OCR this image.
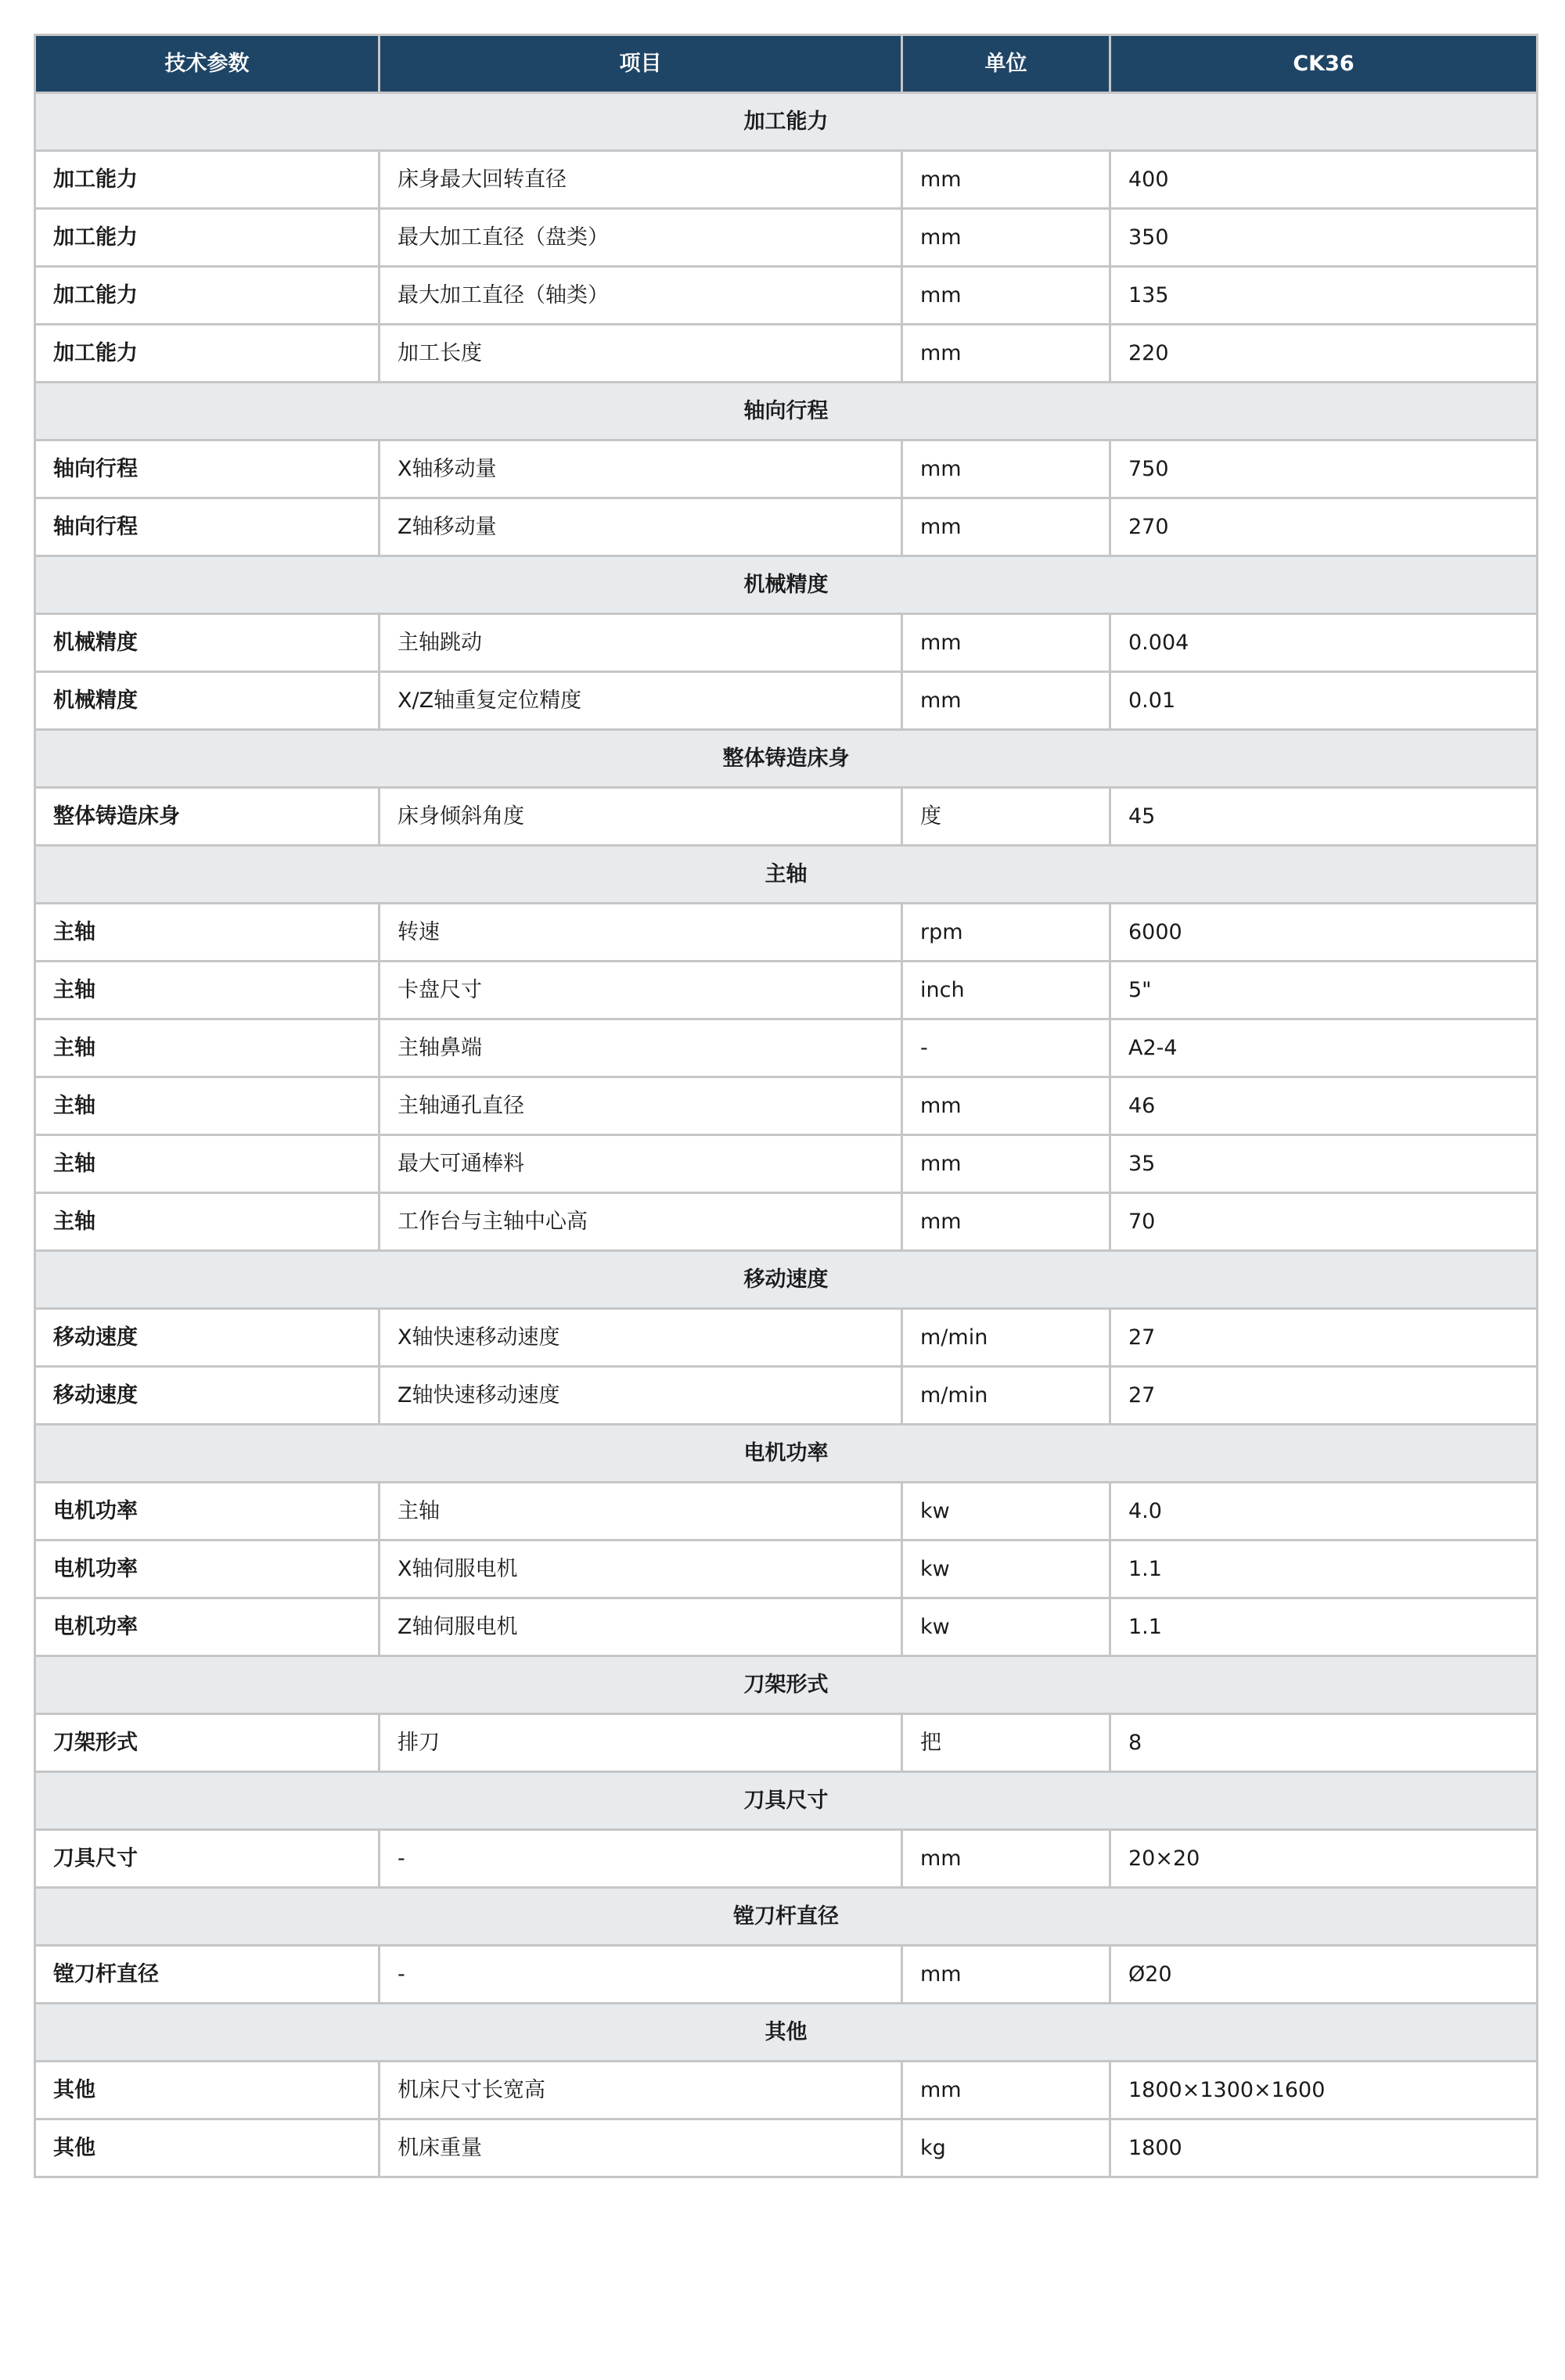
技术参数	项目	单位	CK36
加工能力			
加工能力	床身最大回转直径	mm	400
加工能力	最大加工直径（盘类）	mm	350
加工能力	最大加工直径（轴类）	mm	135
加工能力	加工长度	mm	220
轴向行程			
轴向行程	X轴移动量	mm	750
轴向行程	Z轴移动量	mm	270
机械精度			
机械精度	主轴跳动	mm	0.004
机械精度	X/Z轴重复定位精度	mm	0.01
整体铸造床身			
整体铸造床身	床身倾斜角度	度	45
主轴			
主轴	转速	rpm	6000
主轴	卡盘尺寸	inch	5"
主轴	主轴鼻端	-	A2-4
主轴	主轴通孔直径	mm	46
主轴	最大可通棒料	mm	35
主轴	工作台与主轴中心高	mm	70
移动速度			
移动速度	X轴快速移动速度	m/min	27
移动速度	Z轴快速移动速度	m/min	27
电机功率			
电机功率	主轴	kw	4.0
电机功率	X轴伺服电机	kw	1.1
电机功率	Z轴伺服电机	kw	1.1
刀架形式			
刀架形式	排刀	把	8
刀具尺寸			
刀具尺寸	-	mm	20×20
镗刀杆直径			
镗刀杆直径	-	mm	Ø20
其他			
其他	机床尺寸长宽高	mm	1800×1300×1600
其他	机床重量	kg	1800
